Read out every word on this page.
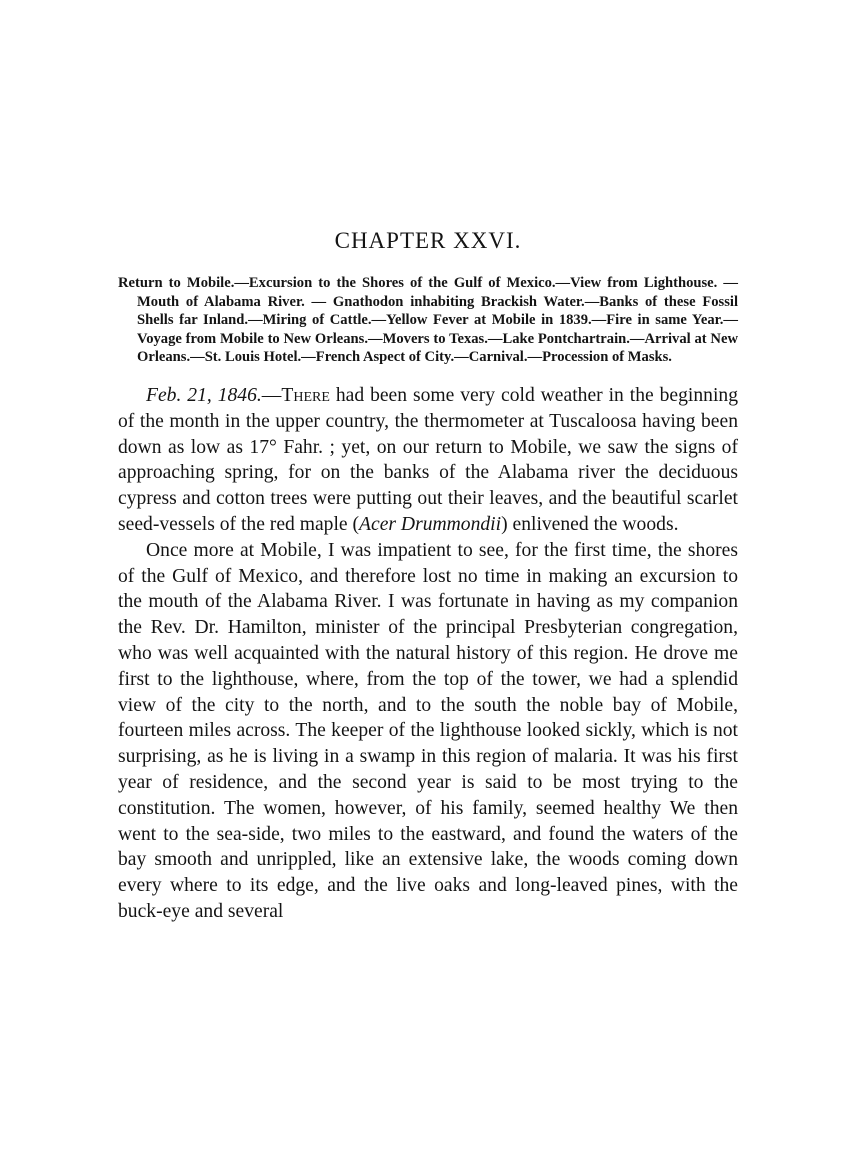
CHAPTER XXVI.

Return to Mobile.—Excursion to the Shores of the Gulf of Mexico.—View from Lighthouse. — Mouth of Alabama River. — Gnathodon inhabiting Brackish Water.—Banks of these Fossil Shells far Inland.—Miring of Cattle.—Yellow Fever at Mobile in 1839.—Fire in same Year.—Voyage from Mobile to New Orleans.—Movers to Texas.—Lake Pontchartrain.—Arrival at New Orleans.—St. Louis Hotel.—French Aspect of City.—Carnival.—Procession of Masks.

Feb. 21, 1846.—There had been some very cold weather in the beginning of the month in the upper country, the thermometer at Tuscaloosa having been down as low as 17° Fahr. ; yet, on our return to Mobile, we saw the signs of approaching spring, for on the banks of the Alabama river the deciduous cypress and cotton trees were putting out their leaves, and the beautiful scarlet seed-vessels of the red maple (Acer Drummondii) enlivened the woods.

Once more at Mobile, I was impatient to see, for the first time, the shores of the Gulf of Mexico, and therefore lost no time in making an excursion to the mouth of the Alabama River. I was fortunate in having as my companion the Rev. Dr. Hamilton, minister of the principal Presbyterian congregation, who was well acquainted with the natural history of this region. He drove me first to the lighthouse, where, from the top of the tower, we had a splendid view of the city to the north, and to the south the noble bay of Mobile, fourteen miles across. The keeper of the lighthouse looked sickly, which is not surprising, as he is living in a swamp in this region of malaria. It was his first year of residence, and the second year is said to be most trying to the constitution. The women, however, of his family, seemed healthy We then went to the sea-side, two miles to the eastward, and found the waters of the bay smooth and unrippled, like an extensive lake, the woods coming down every where to its edge, and the live oaks and long-leaved pines, with the buck-eye and several
